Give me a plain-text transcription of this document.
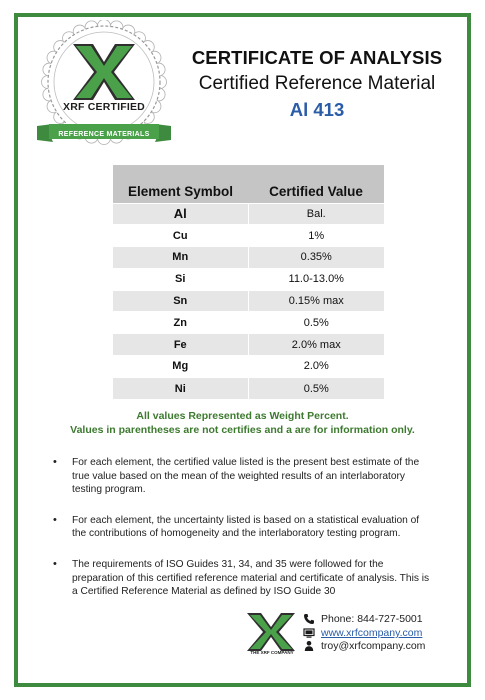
XRF CERTIFIED
REFERENCE MATERIALS
CERTIFICATE OF ANALYSIS
Certified Reference Material
Al 413
Element Symbol	Certified Value
Al	Bal.
Cu	1%
Mn	0.35%
Si	11.0-13.0%
Sn	0.15% max
Zn	0.5%
Fe	2.0% max
Mg	2.0%
Ni	0.5%
All values Represented as Weight Percent.
Values in parentheses are not certifies and a are for information only.
• For each element, the certified value listed is the present best estimate of the true value based on the mean of the weighted results of an interlaboratory testing program.
• For each element, the uncertainty listed is based on a statistical evaluation of the contributions of homogeneity and the interlaboratory testing program.
• The requirements of ISO Guides 31, 34, and 35 were followed for the preparation of this certified reference material and certificate of analysis. This is a Certified Reference Material as defined by ISO Guide 30
THE XRF COMPANY
Phone: 844-727-5001
www.xrfcompany.com
troy@xrfcompany.com
